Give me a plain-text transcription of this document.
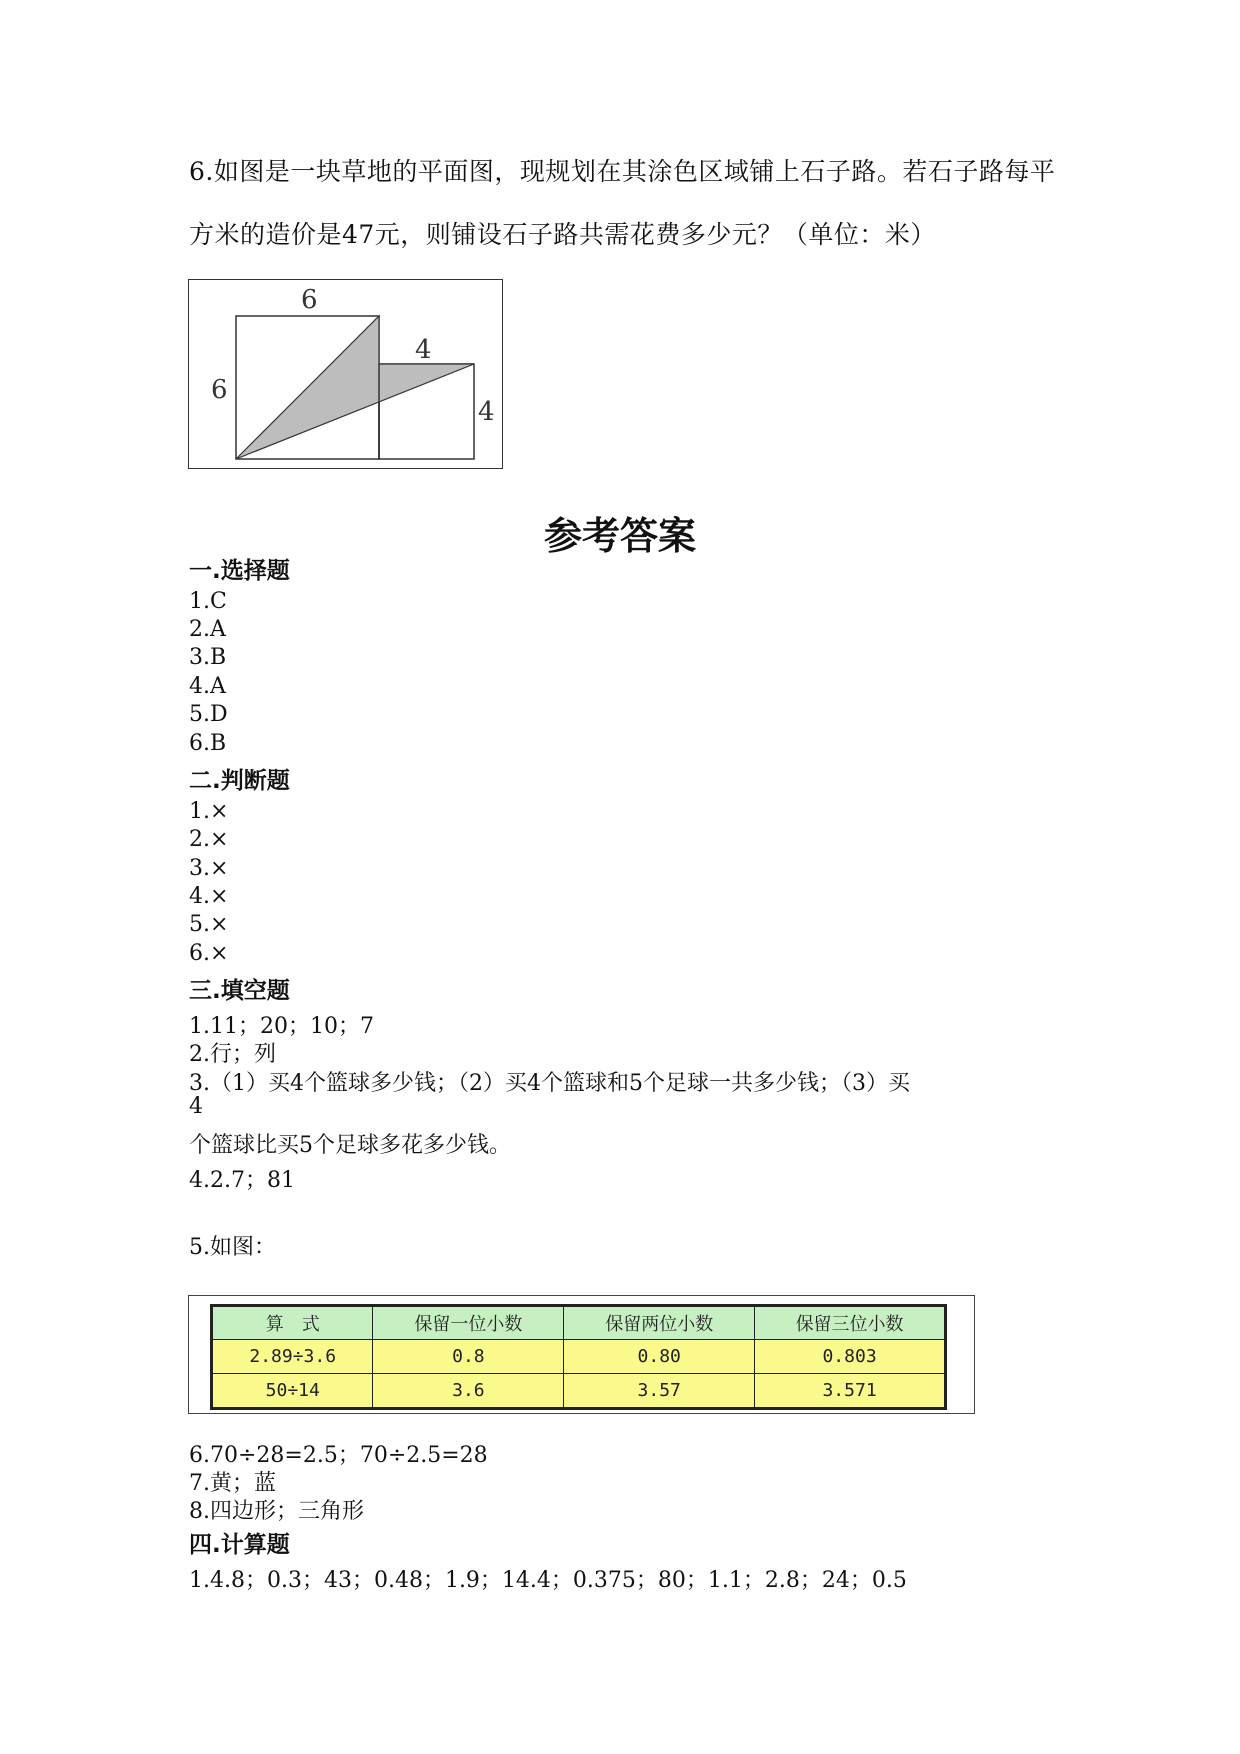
6.如图是一块草地的平面图，现规划在其涂色区域铺上石子路。若石子路每平

方米的造价是47元，则铺设石子路共需花费多少元？（单位：米）

6
6
4
4
参考答案

一.选择题

1.C

2.A

3.B

4.A

5.D

6.B

二.判断题

1.×

2.×

3.×

4.×

5.×

6.×

三.填空题

1.11；20；10；7

2.行；列

3.（1）买4个篮球多少钱；（2）买4个篮球和5个足球一共多少钱；（3）买

4

个篮球比买5个足球多花多少钱。

4.2.7；81

5.如图：

算　式	保留一位小数	保留两位小数	保留三位小数
2.89÷3.6	0.8	0.80	0.803
50÷14	3.6	3.57	3.571

6.70÷28=2.5；70÷2.5=28

7.黄；蓝

8.四边形；三角形

四.计算题

1.4.8；0.3；43；0.48；1.9；14.4；0.375；80；1.1；2.8；24；0.5
